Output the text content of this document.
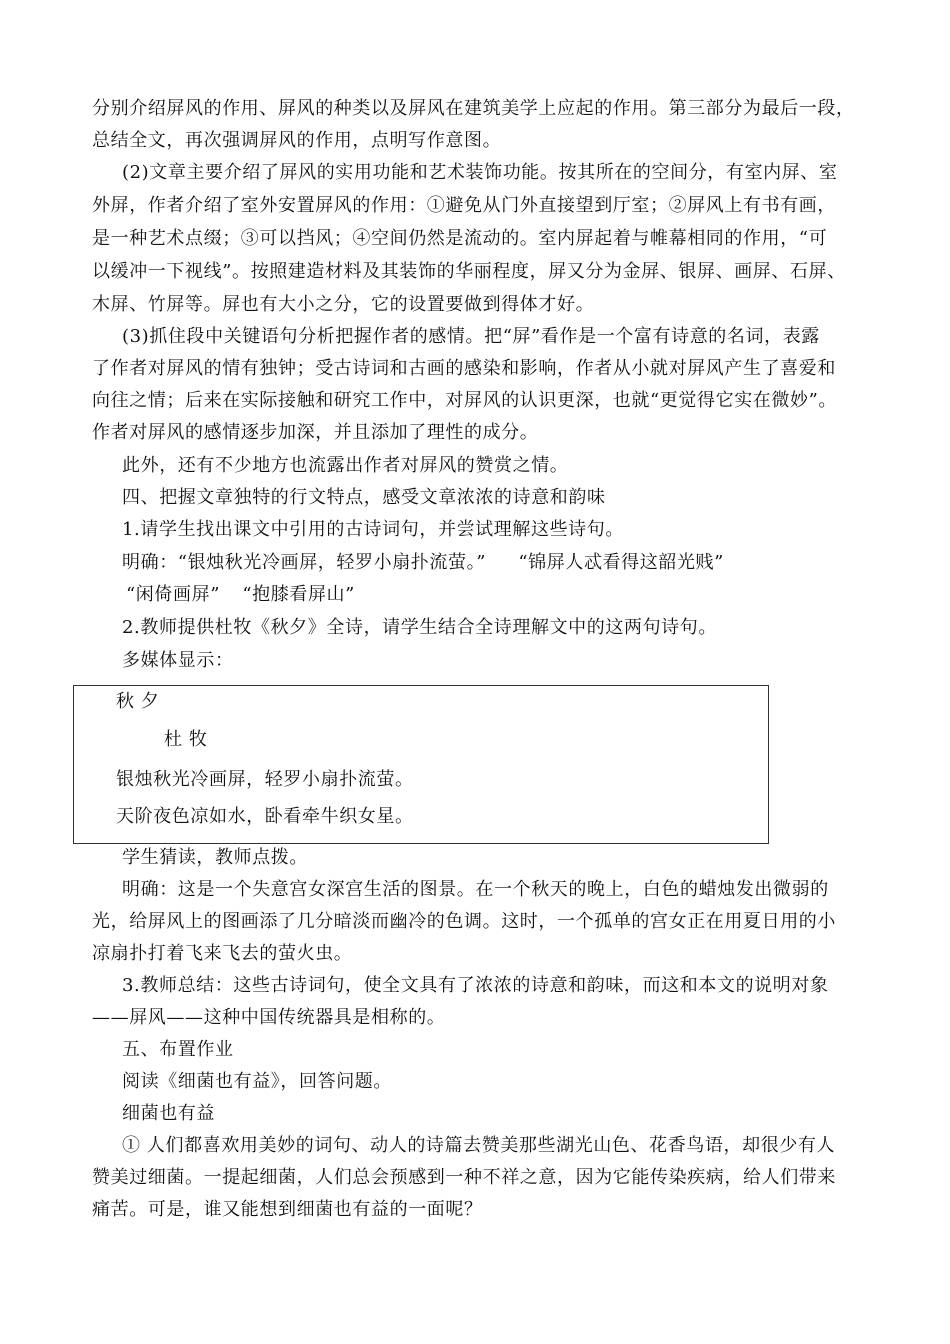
分别介绍屏风的作用、屏风的种类以及屏风在建筑美学上应起的作用。第三部分为最后一段，
总结全文，再次强调屏风的作用，点明写作意图。
(2)文章主要介绍了屏风的实用功能和艺术装饰功能。按其所在的空间分，有室内屏、室
外屏，作者介绍了室外安置屏风的作用：①避免从门外直接望到厅室；②屏风上有书有画，
是一种艺术点缀；③可以挡风；④空间仍然是流动的。室内屏起着与帷幕相同的作用，“可
以缓冲一下视线”。按照建造材料及其装饰的华丽程度，屏又分为金屏、银屏、画屏、石屏、
木屏、竹屏等。屏也有大小之分，它的设置要做到得体才好。
(3)抓住段中关键语句分析把握作者的感情。把“屏”看作是一个富有诗意的名词，表露
了作者对屏风的情有独钟；受古诗词和古画的感染和影响，作者从小就对屏风产生了喜爱和
向往之情；后来在实际接触和研究工作中，对屏风的认识更深，也就“更觉得它实在微妙”。
作者对屏风的感情逐步加深，并且添加了理性的成分。
此外，还有不少地方也流露出作者对屏风的赞赏之情。
四、把握文章独特的行文特点，感受文章浓浓的诗意和韵味
1.请学生找出课文中引用的古诗词句，并尝试理解这些诗句。
明确：“银烛秋光冷画屏，轻罗小扇扑流萤。” “锦屏人忒看得这韶光贱”
“闲倚画屏” “抱膝看屏山”
2.教师提供杜牧《秋夕》全诗，请学生结合全诗理解文中的这两句诗句。
多媒体显示：
秋 夕
杜 牧
银烛秋光冷画屏，轻罗小扇扑流萤。
天阶夜色凉如水，卧看牵牛织女星。
学生猜读，教师点拨。
明确：这是一个失意宫女深宫生活的图景。在一个秋天的晚上，白色的蜡烛发出微弱的
光，给屏风上的图画添了几分暗淡而幽冷的色调。这时，一个孤单的宫女正在用夏日用的小
凉扇扑打着飞来飞去的萤火虫。
3.教师总结：这些古诗词句，使全文具有了浓浓的诗意和韵味，而这和本文的说明对象
——屏风——这种中国传统器具是相称的。
五、布置作业
阅读《细菌也有益》，回答问题。
细菌也有益
① 人们都喜欢用美妙的词句、动人的诗篇去赞美那些湖光山色、花香鸟语，却很少有人
赞美过细菌。一提起细菌，人们总会预感到一种不祥之意，因为它能传染疾病，给人们带来
痛苦。可是，谁又能想到细菌也有益的一面呢？
